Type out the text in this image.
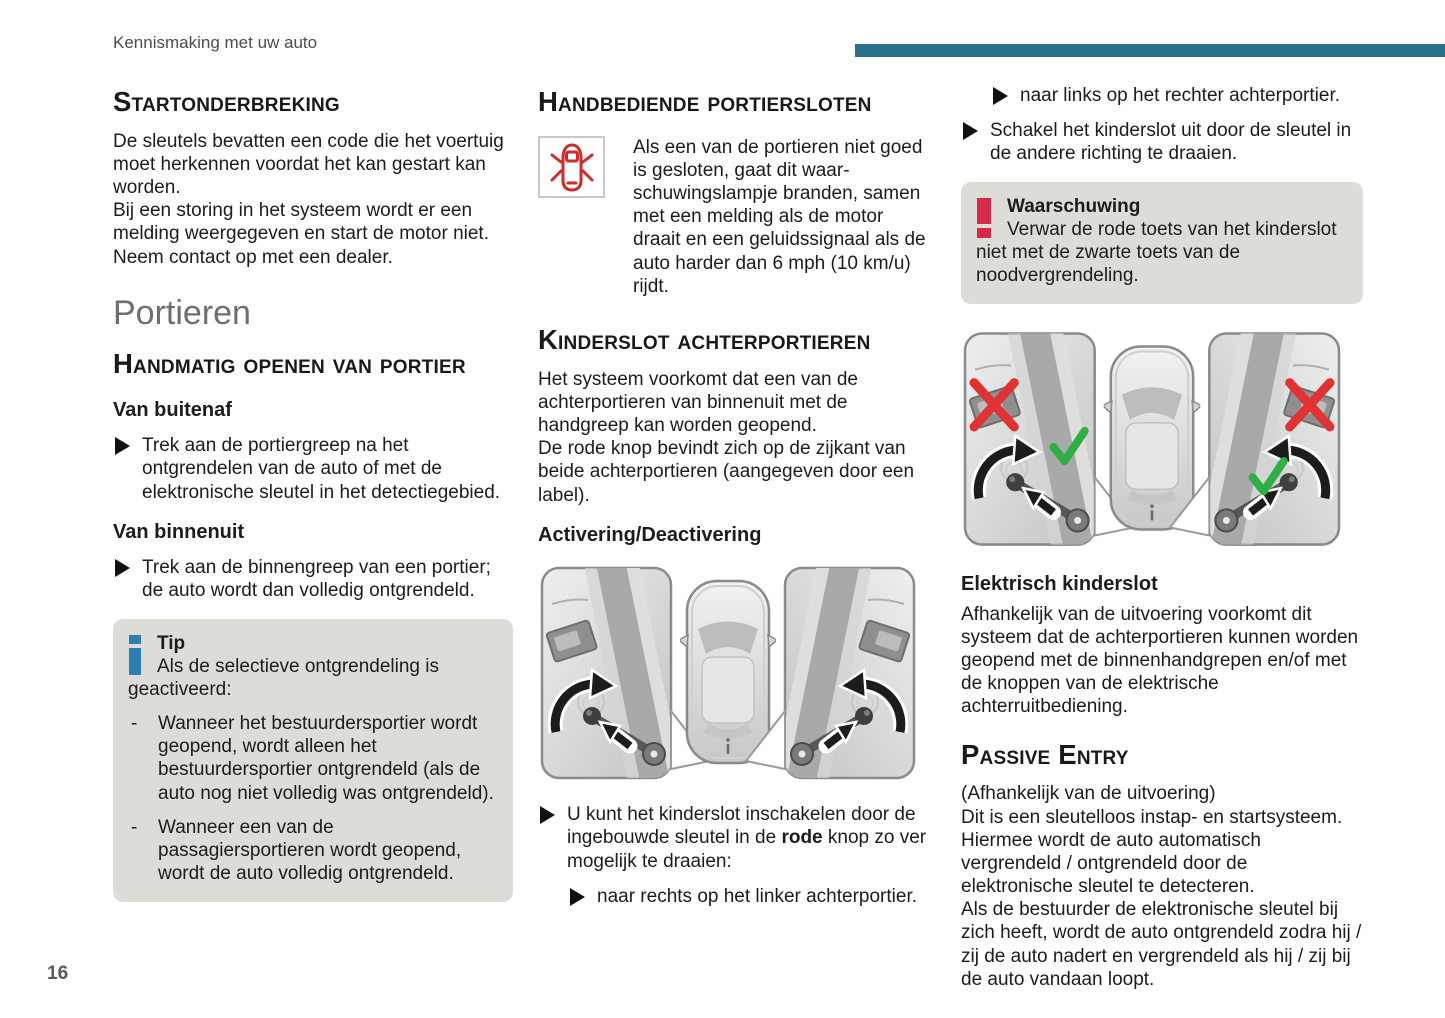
Kennismaking met uw auto
Startonderbreking

De sleutels bevatten een code die het voertuig moet herkennen voordat het kan gestart kan worden.

Bij een storing in het systeem wordt er een melding weergegeven en start de motor niet.

Neem contact op met een dealer.

Portieren
Handmatig openen van portier
Van buitenaf
Trek aan de portiergreep na het ontgrendelen van de auto of met de elektronische sleutel in het detectiegebied.
Van binnenuit
Trek aan de binnengreep van een portier; de auto wordt dan volledig ontgrendeld.
Tip
Als de selectieve ontgrendeling is geactiveerd:
-	Wanneer het bestuurdersportier wordt geopend, wordt alleen het bestuurdersportier ontgrendeld (als de auto nog niet volledig was ontgrendeld).
-	Wanneer een van de passagiersportieren wordt geopend, wordt de auto volledig ontgrendeld.
Handbediende portiersloten
Als een van de portieren niet goed is gesloten, gaat dit waarschuwingslampje branden, samen met een melding als de motor draait en een geluidssignaal als de auto harder dan 6 mph (10 km/u) rijdt.
Kinderslot achterportieren

Het systeem voorkomt dat een van de achterportieren van binnenuit met de handgreep kan worden geopend.

De rode knop bevindt zich op de zijkant van beide achterportieren (aangegeven door een label).

Activering/Deactivering
U kunt het kinderslot inschakelen door de ingebouwde sleutel in de rode knop zo ver mogelijk te draaien:
naar rechts op het linker achterportier.
naar links op het rechter achterportier.
Schakel het kinderslot uit door de sleutel in de andere richting te draaien.
Waarschuwing
Verwar de rode toets van het kinderslot niet met de zwarte toets van de noodvergrendeling.
Elektrisch kinderslot

Afhankelijk van de uitvoering voorkomt dit systeem dat de achterportieren kunnen worden geopend met de binnenhandgrepen en/of met de knoppen van de elektrische achterruitbediening.

Passive Entry

(Afhankelijk van de uitvoering)

Dit is een sleutelloos instap- en startsysteem.

Hiermee wordt de auto automatisch vergrendeld / ontgrendeld door de elektronische sleutel te detecteren.

Als de bestuurder de elektronische sleutel bij zich heeft, wordt de auto ontgrendeld zodra hij / zij de auto nadert en vergrendeld als hij / zij bij de auto vandaan loopt.

16
